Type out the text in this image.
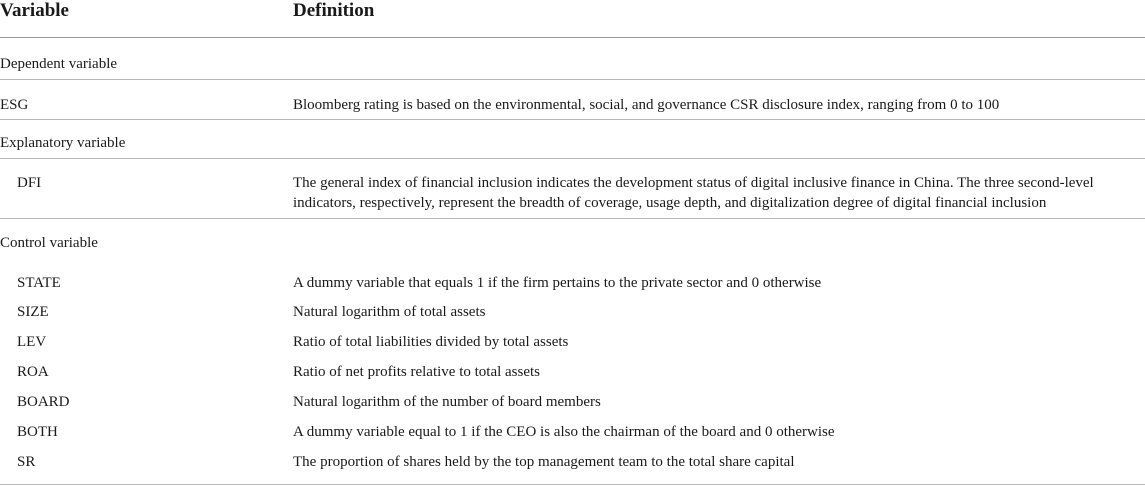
Variable	Definition
Dependent variable
ESG	Bloomberg rating is based on the environmental, social, and governance CSR disclosure index, ranging from 0 to 100
Explanatory variable
DFI	The general index of financial inclusion indicates the development status of digital inclusive finance in China. The three second-level indicators, respectively, represent the breadth of coverage, usage depth, and digitalization degree of digital financial inclusion
Control variable
STATE	A dummy variable that equals 1 if the firm pertains to the private sector and 0 otherwise
SIZE	Natural logarithm of total assets
LEV	Ratio of total liabilities divided by total assets
ROA	Ratio of net profits relative to total assets
BOARD	Natural logarithm of the number of board members
BOTH	A dummy variable equal to 1 if the CEO is also the chairman of the board and 0 otherwise
SR	The proportion of shares held by the top management team to the total share capital
